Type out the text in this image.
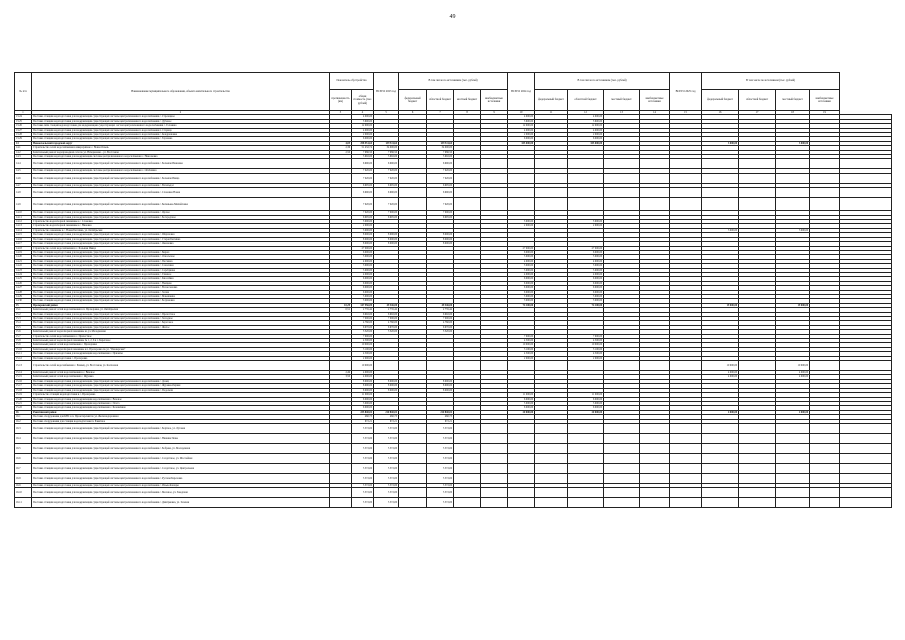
49
№ п/п	Наименование муниципального образования, объекта капитального строительства	Показатель обустройства		ВСЕГО 2023 год	В том числе по источникам (тыс. рублей)				ВСЕГО 2024 год	В том числе по источникам (тыс. рублей)				ВСЕГО 2025 год	В том числе по источникам (тыс. рублей)				
		протяженность (км)	общая стоимость (тыс. рублей)		федеральный бюджет	областной бюджет	местный бюджет	внебюджетные источники		федеральный бюджет	областной бюджет	местный бюджет	внебюджетные источники		федеральный бюджет	областной бюджет	местный бюджет	внебюджетные источники	
1	2	3	4	5	6	7	8	9	10	11	12	13	14	15	16	17	18	19	
13.24	Поставка станции водоподготовки для модернизации существующей системы централизованного водоснабжения с. Стрелецкое		4 000,00						4 000,00		4 000,00								
13.25	Поставка станции водоподготовки для модернизации существующей системы централизованного водоснабжения с. Дубовое		3 600,00						3 600,00		3 600,00								
13.26	Поставка пяти станций водоподготовки для модернизации существующих систем централизованного водоснабжения с. Головино		12 000,00						12 000,00		12 000,00								
13.27	Поставка станции водоподготовки для модернизации существующей системы централизованного водоснабжения п. Старица		4 000,00						4 000,00		4 000,00								
13.28	Поставка станции водоподготовки для модернизации существующей системы централизованного водоснабжения с. Кондрашовка		2 000,00						2 000,00		2 000,00								
13.29	Поставка станции водоподготовки для модернизации существующей системы централизованного водоснабжения с. Терновка		6 000,00						6 000,00		6 000,00								
14	Новооскольский городской округ	4,05	258 551,64	139 511,64		139 511,64			105 000,00		105 000,00				3 000,00		3 000,00		
14.1	Строительство сетей водоснабжения в микрорайоне с. Новая Олынь	2,36	51 432,74	34 000,00		34 000,00													
14.2	Капитальный ремонт водопроводной сети по ул. Набережная – ул. Восточная	2,50	7 986,50	7 986,50		7 986,50													
14.3	Поставка станции водоподготовки для модернизации системы централизованного водоснабжения с. Николаевка		5 992,00	5 992,00		5 992,00													
14.4	Поставка станции водоподготовки для модернизации существующей системы централизованного водоснабжения с. Большая Ивановка		6 990,00	6 990,00		6 990,00													
14.5	Поставка станции водоподготовки для модернизации системы централизованного водоснабжения с. Огибнянка		7 020,00	7 020,00		7 020,00													
14.6	Поставка станции водоподготовки для модернизации существующей системы централизованного водоснабжения с. Большая Ивица		7 020,00	7 020,00		7 020,00													
14.7	Поставка станции водоподготовки для модернизации существующей системы централизованного водоснабжения с. Васильдол		6 995,00	6 995,00		6 995,00													
14.8	Поставка станции водоподготовки для модернизации существующей системы централизованного водоснабжения с. Слоновка Новая		6 990,00	6 990,00		6 990,00													
14.9	Поставка станции водоподготовки для модернизации существующей системы централизованного водоснабжения с. Беленькое-Михайловка		7 020,00	7 020,00		7 020,00													
14.10	Поставка станции водоподготовки для модернизации существующей системы централизованного водоснабжения с. Ярское		7 020,00	7 000,00		7 000,00													
14.11	Поставка станции водоподготовки для модернизации существующей системы централизованного водоснабжения с. Богородское		6 995,00	6 995,00		6 995,00													
14.12	Строительство водозаборной скважины в с. Слоновка		3 000,00						3 000,00		3 000,00								
14.13	Строительство водозаборной скважины в с. Ниновка		2 000,00						2 000,00		2 000,00								
14.14	Строительство скважины в с. Новая Безгинка, ул. Октябрьская		3 000,00												3 000,00		3 000,00		
14.15	Поставка станции водоподготовки для модернизации существующей системы централизованного водоснабжения с. Шараповка		8 000,00	8 000,00		8 000,00													
14.16	Поставка станции водоподготовки для модернизации существующей системы централизованного водоснабжения с. Старая Безгинка		8 000,00	8 000,00		8 000,00													
14.17	Поставка станции водоподготовки для модернизации существующей системы централизованного водоснабжения с. Яковлевка		8 000,00	8 000,00		8 000,00													
14.18	Строительство сетей водоснабжения в с. Большая Ивица		27 000,00						27 000,00		27 000,00								
14.19	Поставка станции водоподготовки для модернизации существующей системы централизованного водоснабжения с. Бирюч		6 000,00						6 000,00		6 000,00								
14.20	Поставка станции водоподготовки для модернизации существующей системы централизованного водоснабжения с. Оскольское		5 000,00						5 000,00		5 000,00								
14.21	Поставка станции водоподготовки для модернизации существующей системы централизованного водоснабжения с. Песчанка		4 000,00						4 000,00		4 000,00								
14.22	Поставка станции водоподготовки для модернизации существующей системы централизованного водоснабжения с. Соколовка		3 000,00						3 000,00		3 000,00								
14.23	Поставка станции водоподготовки для модернизации существующей системы централизованного водоснабжения с. Серебрянка		5 000,00						5 000,00		5 000,00								
14.24	Поставка станции водоподготовки для модернизации существующей системы централизованного водоснабжения с. Глинное		4 000,00						4 000,00		4 000,00								
14.25	Поставка станции водоподготовки для модернизации существующей системы централизованного водоснабжения с. Киселёвка		6 000,00						6 000,00		6 000,00								
14.26	Поставка станции водоподготовки для модернизации существующей системы централизованного водоснабжения с. Немцево		6 000,00						6 000,00		6 000,00								
14.27	Поставка станции водоподготовки для модернизации существующей системы централизованного водоснабжения с. Вознесеновка		6 000,00						6 000,00		6 000,00								
14.28	Поставка станции водоподготовки для модернизации существующей системы централизованного водоснабжения с. Холки		6 000,00						6 000,00		6 000,00								
14.29	Поставка станции водоподготовки для модернизации существующей системы централизованного водоснабжения с. Макешкино		5 000,00						5 000,00		5 000,00								
14.30	Поставка станции водоподготовки для модернизации существующей системы централизованного водоснабжения с. Богдановка		3 000,00						3 000,00		3 000,00								
15	Прохоровский район	10,29	147 556,09	49 346,00		49 346,00			74 100,00		74 100,00				19 000,00		19 000,00		
15.1	Капитальный ремонт сетей водоснабжения в п. Прохоровка, ул. Октябрьская	0,51	2 735,42	2 735,42		2 735,42													
15.2	Поставка станции водоподготовки для модернизации существующей системы централизованного водоснабжения с. Прелестное		6 992,00	6 992,00		6 992,00													
15.3	Поставка станции водоподготовки для модернизации существующей системы централизованного водоснабжения с. Холодное		7 000,00	7 000,00		7 000,00													
15.4	Поставка станции водоподготовки для модернизации существующей системы централизованного водоснабжения с. Береговое		4 760,00	4 760,00		4 760,00													
15.5	Поставка станции водоподготовки для модернизации существующей системы централизованного водоснабжения с. Жилое		6 970,00	6 970,00		6 970,00													
15.6	Капитальный ремонт водозаборной скважины на ул. Молодежная		3 320,00	3 320,00		3 320,00													
15.7	Строительство сетей водоснабжения в с. Прелестное		7 000,00						7 000,00		7 000,00								
15.8	Капитальный ремонт водозаборной скважины № 1, 2, 6 в с. Береговое		4 500,00						4 500,00		4 500,00								
15.9	Капитальный ремонт сетей водоснабжения с. Прохоровка		10 000,00						10 000,00		10 000,00								
15.10	Капитальный ремонт водозаборной скважины в п. Прохоровка по ул. "Пионерская"		3 100,00						3 100,00		3 100,00								
15.11	Поставка станции водоподготовки для модернизации водоснабжения с. Прилепы		4 500,00						4 500,00		4 500,00								
15.12	Поставка станции водоподготовки с. Прохоровка		2 000,00						2 000,00		2 000,00								
15.13	Строительство сетей водоснабжения с. Ржавец, ул. Восточная, ул. Колхозная		10 000,00												10 000,00		10 000,00		
15.14	Капитальный ремонт сетей водоснабжения в с. Вязовое	2,49	4 000,00												4 000,00		4 000,00		
15.15	Капитальный ремонт сетей водоснабжения с. Журавка	3,50	4 000,00												4 000,00		4 000,00		
15.16	Поставка станции водоподготовки для модернизации существующей системы централизованного водоснабжения с. Донец		8 000,00	8 000,00		8 000,00													
15.17	Поставка станции водоподготовки для модернизации существующей системы централизованного водоснабжения с. Журавка-Первая		8 000,00	8 000,00		8 000,00													
15.18	Поставка станции водоподготовки для модернизации существующей системы централизованного водоснабжения с. Подольхи		8 000,00	8 000,00		8 000,00													
15.19	Строительство станций водоподготовки в с. Прохоровка		11 000,00						11 000,00		11 000,00								
15.20	Поставка станции водоподготовки для модернизации водоснабжения с. Вязовое		6 000,00						6 000,00		6 000,00								
15.21	Поставка станции водоподготовки для модернизации водоснабжения с. Плота		5 000,00						5 000,00		5 000,00								
15.22	Поставка станции водоподготовки для модернизации водоснабжения с. Беленихино		6 000,00						6 000,00		6 000,00								
16	Ракитянский район		235 840,02	210 840,02		210 840,02			20 000,00		20 000,00				4 000,00		4 000,00		
16.1	Поставка оборудования для КНС в п. Пролетарский по ул. Железнодорожная		460,75	460,75		460,75													
16.2	Поставка оборудования для станции водоподготовки п. Ракитное		672,21	672,21		672,21													
16.3	Поставка станции водоподготовки для модернизации существующей системы централизованного водоснабжения с. Бортное, ул. Луговая		5 572,00	5 572,00		5 572,00													
16.4	Поставка станции водоподготовки для модернизации существующей системы централизованного водоснабжения с. Нижние Пены		5 572,00	5 572,00		5 572,00													
16.5	Поставка станции водоподготовки для модернизации существующей системы централизованного водоснабжения с. Бобрава, ул. Молодежная		5 572,00	5 572,00		5 572,00													
16.6	Поставка станции водоподготовки для модернизации существующей системы централизованного водоснабжения с. Солдатское, ул. Шоссейная		5 572,00	5 572,00		5 572,00													
16.7	Поставка станции водоподготовки для модернизации существующей системы централизованного водоснабжения с. Солдатское, ул. Центральная		5 572,00	5 572,00		5 572,00													
16.8	Поставка станции водоподготовки для модернизации существующей системы централизованного водоснабжения с. Русская Березовка		5 572,00	5 572,00		5 572,00													
16.9	Поставка станции водоподготовки для модернизации существующей системы централизованного водоснабжения с. Ильек-Кошары		5 572,00	5 572,00		5 572,00													
16.10	Поставка станции водоподготовки для модернизации существующей системы централизованного водоснабжения с. Меловое, ул. Заводская		5 572,00	5 572,00		5 572,00													
16.11	Поставка станции водоподготовки для модернизации существующей системы централизованного водоснабжения с. Дмитриевка, ул. Зеленая		5 572,00	5 572,00		5 572,00													
